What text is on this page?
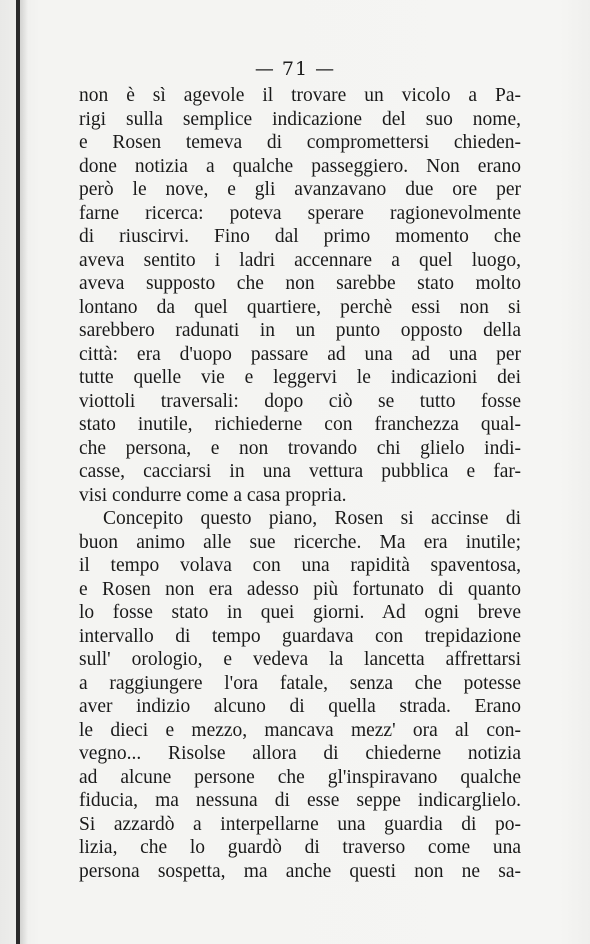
— 71 —
non è sì agevole il trovare un vicolo a Pa-
rigi sulla semplice indicazione del suo nome,
e Rosen temeva di compromettersi chieden-
done notizia a qualche passeggiero. Non erano
però le nove, e gli avanzavano due ore per
farne ricerca: poteva sperare ragionevolmente
di riuscirvi. Fino dal primo momento che
aveva sentito i ladri accennare a quel luogo,
aveva supposto che non sarebbe stato molto
lontano da quel quartiere, perchè essi non si
sarebbero radunati in un punto opposto della
città: era d'uopo passare ad una ad una per
tutte quelle vie e leggervi le indicazioni dei
viottoli traversali: dopo ciò se tutto fosse
stato inutile, richiederne con franchezza qual-
che persona, e non trovando chi glielo indi-
casse, cacciarsi in una vettura pubblica e far-
visi condurre come a casa propria.
Concepito questo piano, Rosen si accinse di
buon animo alle sue ricerche. Ma era inutile;
il tempo volava con una rapidità spaventosa,
e Rosen non era adesso più fortunato di quanto
lo fosse stato in quei giorni. Ad ogni breve
intervallo di tempo guardava con trepidazione
sull' orologio, e vedeva la lancetta affrettarsi
a raggiungere l'ora fatale, senza che potesse
aver indizio alcuno di quella strada. Erano
le dieci e mezzo, mancava mezz' ora al con-
vegno... Risolse allora di chiederne notizia
ad alcune persone che gl'inspiravano qualche
fiducia, ma nessuna di esse seppe indicarglielo.
Si azzardò a interpellarne una guardia di po-
lizia, che lo guardò di traverso come una
persona sospetta, ma anche questi non ne sa-
